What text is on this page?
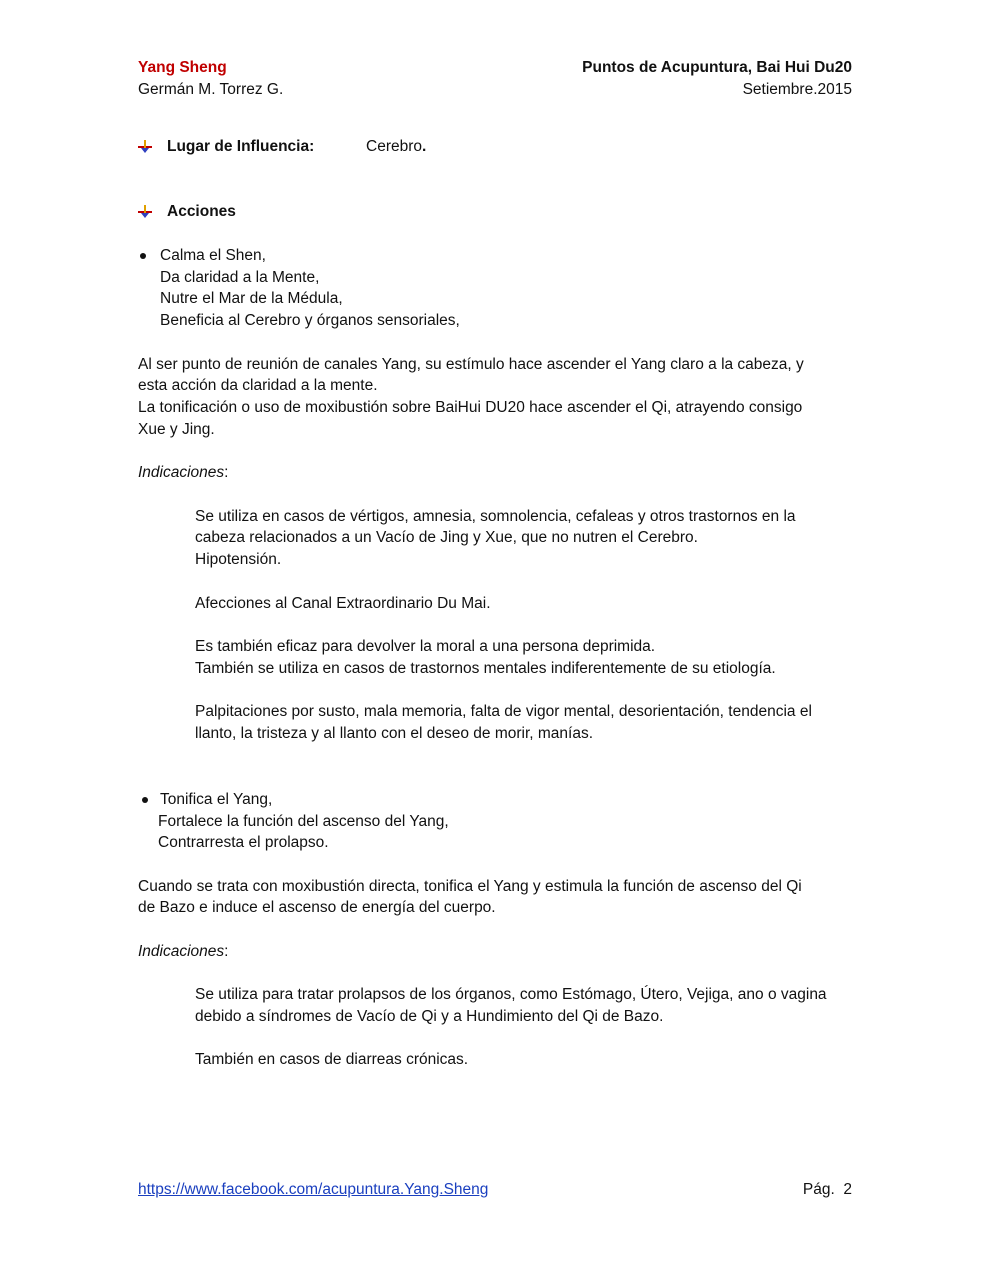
Yang Sheng
Germán M. Torrez G.
Puntos de Acupuntura, Bai Hui Du20
Setiembre.2015
Lugar de Influencia:	Cerebro.
Acciones
Calma el Shen,
Da claridad a la Mente,
Nutre el Mar de la Médula,
Beneficia al Cerebro y órganos sensoriales,
Al ser punto de reunión de canales Yang, su estímulo hace ascender el Yang claro a la cabeza, y
esta acción da claridad a la mente.
La tonificación o uso de moxibustión sobre BaiHui DU20 hace ascender el Qi, atrayendo consigo
Xue y Jing.
Indicaciones:
Se utiliza en casos de vértigos, amnesia, somnolencia, cefaleas y otros trastornos en la
cabeza relacionados a un Vacío de Jing y Xue, que no nutren el Cerebro.
Hipotensión.
Afecciones al Canal Extraordinario Du Mai.
Es también eficaz para devolver la moral a una persona deprimida.
También se utiliza en casos de trastornos mentales indiferentemente de su etiología.
Palpitaciones por susto, mala memoria, falta de vigor mental, desorientación, tendencia el
llanto, la tristeza y al llanto con el deseo de morir, manías.
Tonifica el Yang,
Fortalece la función del ascenso del Yang,
Contrarresta el prolapso.
Cuando se trata con moxibustión directa, tonifica el Yang y estimula la función de ascenso del Qi
de Bazo e induce el ascenso de energía del cuerpo.
Indicaciones:
Se utiliza para tratar prolapsos de los órganos, como Estómago, Útero, Vejiga, ano o vagina
debido a síndromes de Vacío de Qi y a Hundimiento del Qi de Bazo.
También en casos de diarreas crónicas.
https://www.facebook.com/acupuntura.Yang.Sheng	Pág.  2
